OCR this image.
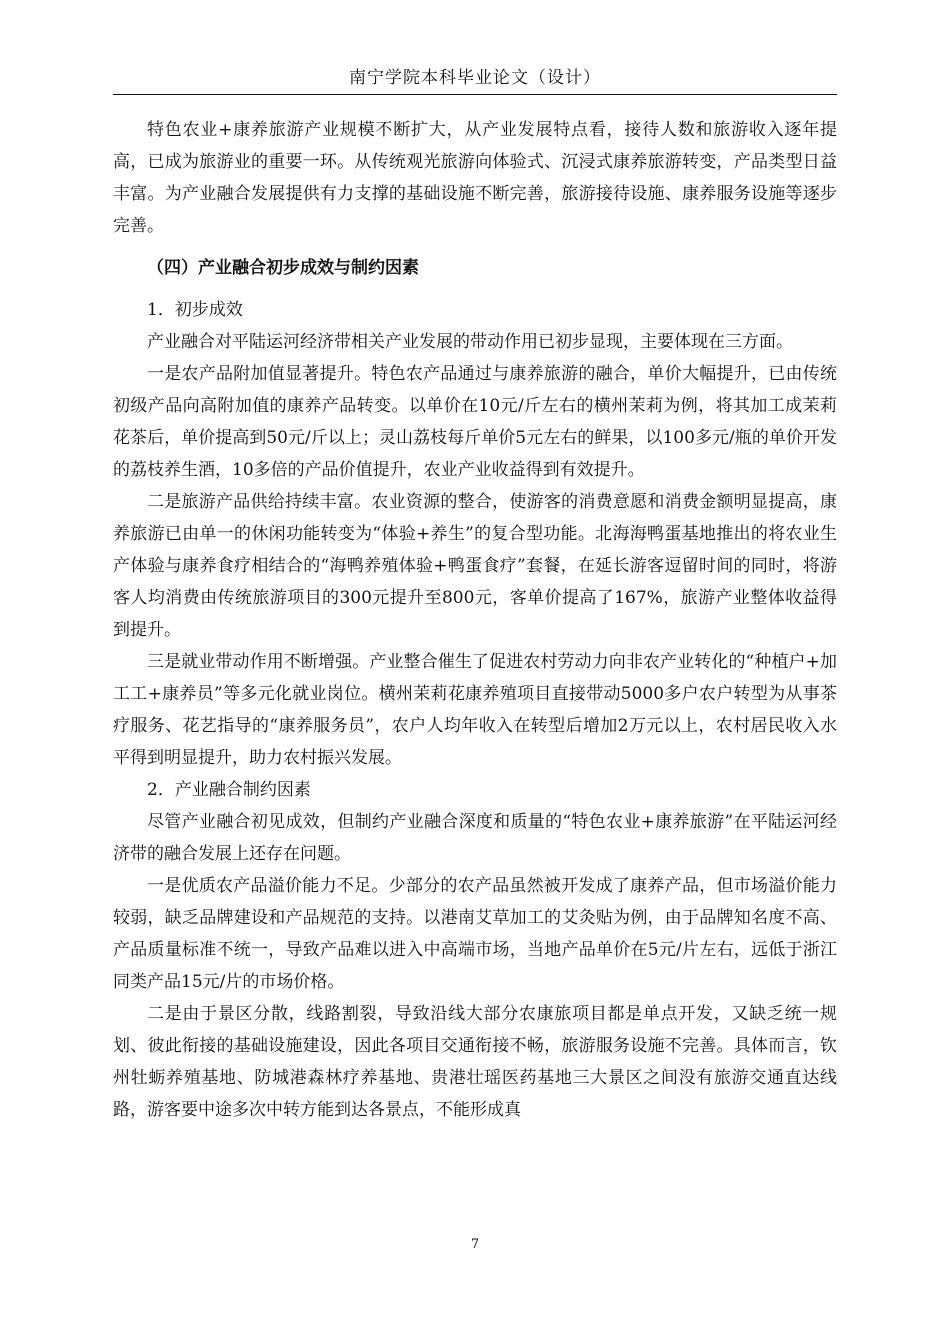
南宁学院本科毕业论文（设计）

特色农业+康养旅游产业规模不断扩大，从产业发展特点看，接待人数和旅游收入逐年提高，已成为旅游业的重要一环。从传统观光旅游向体验式、沉浸式康养旅游转变，产品类型日益丰富。为产业融合发展提供有力支撑的基础设施不断完善，旅游接待设施、康养服务设施等逐步完善。

（四）产业融合初步成效与制约因素

1．初步成效

产业融合对平陆运河经济带相关产业发展的带动作用已初步显现，主要体现在三方面。

一是农产品附加值显著提升。特色农产品通过与康养旅游的融合，单价大幅提升，已由传统初级产品向高附加值的康养产品转变。以单价在10元/斤左右的横州茉莉为例，将其加工成茉莉花茶后，单价提高到50元/斤以上；灵山荔枝每斤单价5元左右的鲜果，以100多元/瓶的单价开发的荔枝养生酒，10多倍的产品价值提升，农业产业收益得到有效提升。

二是旅游产品供给持续丰富。农业资源的整合，使游客的消费意愿和消费金额明显提高，康养旅游已由单一的休闲功能转变为“体验+养生”的复合型功能。北海海鸭蛋基地推出的将农业生产体验与康养食疗相结合的“海鸭养殖体验+鸭蛋食疗”套餐，在延长游客逗留时间的同时，将游客人均消费由传统旅游项目的300元提升至800元，客单价提高了167%，旅游产业整体收益得到提升。

三是就业带动作用不断增强。产业整合催生了促进农村劳动力向非农产业转化的“种植户+加工工+康养员”等多元化就业岗位。横州茉莉花康养殖项目直接带动5000多户农户转型为从事茶疗服务、花艺指导的“康养服务员”，农户人均年收入在转型后增加2万元以上，农村居民收入水平得到明显提升，助力农村振兴发展。

2．产业融合制约因素

尽管产业融合初见成效，但制约产业融合深度和质量的“特色农业+康养旅游”在平陆运河经济带的融合发展上还存在问题。

一是优质农产品溢价能力不足。少部分的农产品虽然被开发成了康养产品，但市场溢价能力较弱，缺乏品牌建设和产品规范的支持。以港南艾草加工的艾灸贴为例，由于品牌知名度不高、产品质量标准不统一，导致产品难以进入中高端市场，当地产品单价在5元/片左右，远低于浙江同类产品15元/片的市场价格。

二是由于景区分散，线路割裂，导致沿线大部分农康旅项目都是单点开发，又缺乏统一规划、彼此衔接的基础设施建设，因此各项目交通衔接不畅，旅游服务设施不完善。具体而言，钦州牡蛎养殖基地、防城港森林疗养基地、贵港壮瑶医药基地三大景区之间没有旅游交通直达线路，游客要中途多次中转方能到达各景点，不能形成真

7
